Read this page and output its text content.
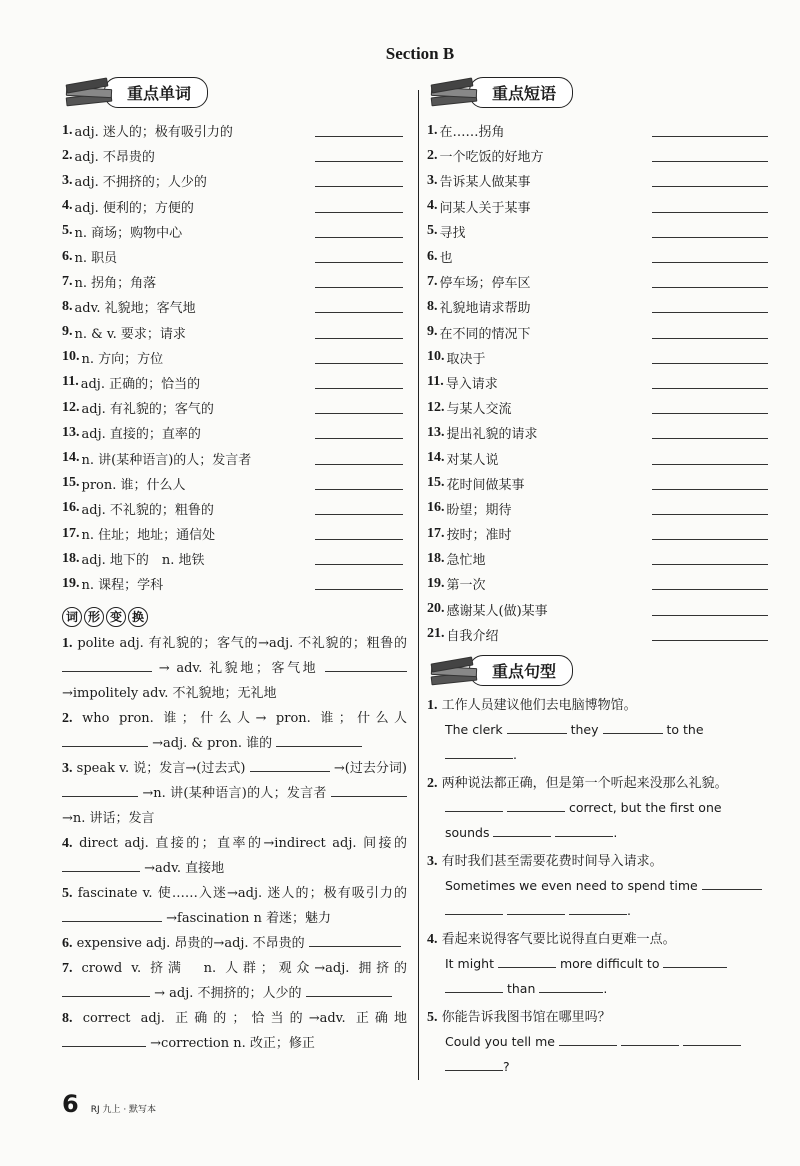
Section B
重点单词
1. adj. 迷人的；极有吸引力的
2. adj. 不昂贵的
3. adj. 不拥挤的；人少的
4. adj. 便利的；方便的
5. n. 商场；购物中心
6. n. 职员
7. n. 拐角；角落
8. adv. 礼貌地；客气地
9. n. & v. 要求；请求
10. n. 方向；方位
11. adj. 正确的；恰当的
12. adj. 有礼貌的；客气的
13. adj. 直接的；直率的
14. n. 讲(某种语言)的人；发言者
15. pron. 谁；什么人
16. adj. 不礼貌的；粗鲁的
17. n. 住址；地址；通信处
18. adj. 地下的　n. 地铁
19. n. 课程；学科
词 形 变 换
1. polite adj. 有礼貌的；客气的→adj. 不礼貌的；粗鲁的  → adv. 礼貌地；客气地  →impolitely adv. 不礼貌地；无礼地
2. who pron. 谁；什么人→ pron. 谁；什么人  →adj. & pron. 谁的
3. speak v. 说；发言→(过去式)	→(过去分词)  →n. 讲(某种语言)的人；发言者  →n. 讲话；发言
4. direct adj. 直接的；直率的→indirect adj. 间接的  →adv. 直接地
5. fascinate v. 使……入迷→adj. 迷人的；极有吸引力的  →fascination n 着迷；魅力
6. expensive adj. 昂贵的→adj. 不昂贵的
7. crowd v. 挤满　n. 人群；观众→adj. 拥挤的  → adj. 不拥挤的；人少的
8. correct adj. 正确的；恰当的→adv. 正确地  →correction n. 改正；修正
重点短语
1. 在……拐角
2. 一个吃饭的好地方
3. 告诉某人做某事
4. 问某人关于某事
5. 寻找
6. 也
7. 停车场；停车区
8. 礼貌地请求帮助
9. 在不同的情况下
10. 取决于
11. 导入请求
12. 与某人交流
13. 提出礼貌的请求
14. 对某人说
15. 花时间做某事
16. 盼望；期待
17. 按时；准时
18. 急忙地
19. 第一次
20. 感谢某人(做)某事
21. 自我介绍
重点句型
1. 工作人员建议他们去电脑博物馆。
The clerk	they	to the
.
2. 两种说法都正确，但是第一个听起来没那么礼貌。
correct, but the first one
sounds	.
3. 有时我们甚至需要花费时间导入请求。
Sometimes we even need to spend time
.
4. 看起来说得客气要比说得直白更难一点。
It might	more difficult to
than	.
5. 你能告诉我图书馆在哪里吗？
Could you tell me
?
6 RJ 九上 · 默写本
